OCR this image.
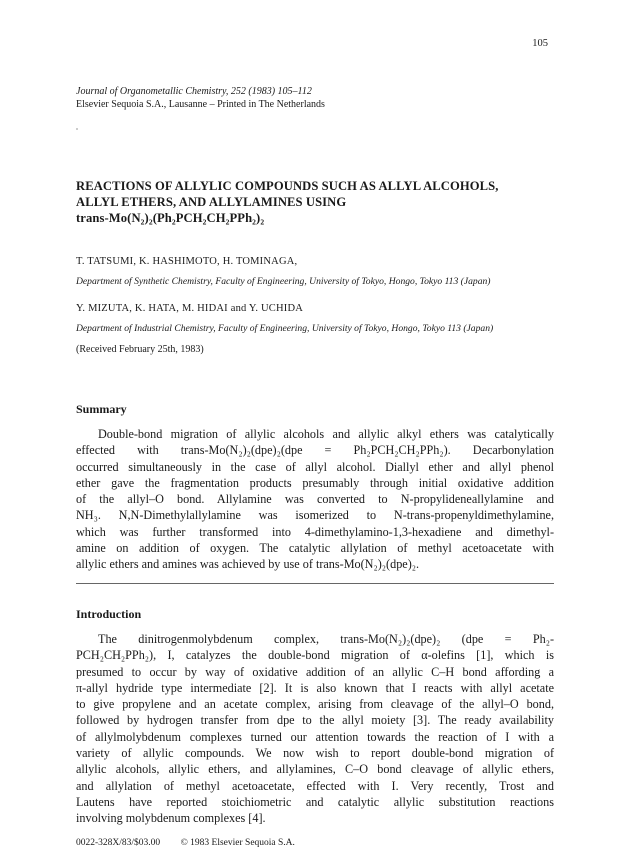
105
Journal of Organometallic Chemistry, 252 (1983) 105–112
Elsevier Sequoia S.A., Lausanne – Printed in The Netherlands
REACTIONS OF ALLYLIC COMPOUNDS SUCH AS ALLYL ALCOHOLS,
ALLYL ETHERS, AND ALLYLAMINES USING
trans-Mo(N₂)₂(Ph₂PCH₂CH₂PPh₂)₂
T. TATSUMI, K. HASHIMOTO, H. TOMINAGA,
Department of Synthetic Chemistry, Faculty of Engineering, University of Tokyo, Hongo, Tokyo 113 (Japan)
Y. MIZUTA, K. HATA, M. HIDAI and Y. UCHIDA
Department of Industrial Chemistry, Faculty of Engineering, University of Tokyo, Hongo, Tokyo 113 (Japan)
(Received February 25th, 1983)
Summary

Double-bond migration of allylic alcohols and allylic alkyl ethers was catalytically
effected with trans-Mo(N₂)₂(dpe)₂(dpe = Ph₂PCH₂CH₂PPh₂). Decarbonylation
occurred simultaneously in the case of allyl alcohol. Diallyl ether and allyl phenol
ether gave the fragmentation products presumably through initial oxidative addition
of the allyl–O bond. Allylamine was converted to N-propylideneallylamine and
NH₃. N,N-Dimethylallylamine was isomerized to N-trans-propenyldimethylamine,
which was further transformed into 4-dimethylamino-1,3-hexadiene and dimethyl-
amine on addition of oxygen. The catalytic allylation of methyl acetoacetate with
allylic ethers and amines was achieved by use of trans-Mo(N₂)₂(dpe)₂.

Introduction

The dinitrogenmolybdenum complex, trans-Mo(N₂)₂(dpe)₂ (dpe = Ph₂-
PCH₂CH₂PPh₂), I, catalyzes the double-bond migration of α-olefins [1], which is
presumed to occur by way of oxidative addition of an allylic C–H bond affording a
π-allyl hydride type intermediate [2]. It is also known that I reacts with allyl acetate
to give propylene and an acetate complex, arising from cleavage of the allyl–O bond,
followed by hydrogen transfer from dpe to the allyl moiety [3]. The ready availability
of allylmolybdenum complexes turned our attention towards the reaction of I with a
variety of allylic compounds. We now wish to report double-bond migration of
allylic alcohols, allylic ethers, and allylamines, C–O bond cleavage of allylic ethers,
and allylation of methyl acetoacetate, effected with I. Very recently, Trost and
Lautens have reported stoichiometric and catalytic allylic substitution reactions
involving molybdenum complexes [4].

0022-328X/83/$03.00 © 1983 Elsevier Sequoia S.A.
